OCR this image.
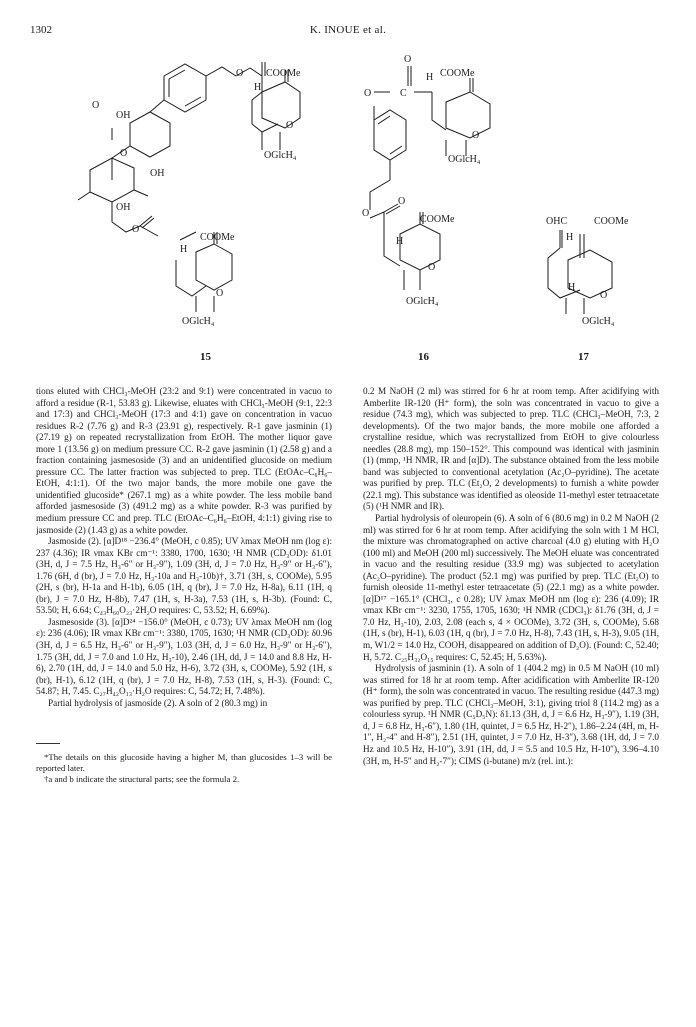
1302	K. INOUE et al.
O COOMe
H
O
OGlcH₄
OH
O
O
OH
OH
O
COOMe
H
O
OGlcH₄
O
O	C
H COOMe
O
OGlcH₄
O
O
H
COOMe
O
OGlcH₄
OHC	COOMe
H
O
H
OGlcH₄
15	16	17

tions eluted with CHCl₃-MeOH (23:2 and 9:1) were concentrated in vacuo to afford a residue (R-1, 53.83 g). Likewise, eluates with CHCl₃-MeOH (9:1, 22:3 and 17:3) and CHCl₃-MeOH (17:3 and 4:1) gave on concentration in vacuo residues R-2 (7.76 g) and R-3 (23.91 g), respectively. R-1 gave jasminin (1) (27.19 g) on repeated recrystallization from EtOH. The mother liquor gave more 1 (13.56 g) on medium pressure CC. R-2 gave jasminin (1) (2.58 g) and a fraction containing jasmesoside (3) and an unidentified glucoside on medium pressure CC. The latter fraction was subjected to prep. TLC (EtOAc–C₆H₆–EtOH, 4:1:1). Of the two major bands, the more mobile one gave the unidentified glucoside* (267.1 mg) as a white powder. The less mobile band afforded jasmesoside (3) (491.2 mg) as a white powder. R-3 was purified by medium pressure CC and prep. TLC (EtOAc–C₆H₆–EtOH, 4:1:1) giving rise to jasmoside (2) (1.43 g) as a white powder.

Jasmoside (2). [α]D¹⁸ −236.4° (MeOH, c 0.85); UV λmax MeOH nm (log ε): 237 (4.36); IR νmax KBr cm⁻¹: 3380, 1700, 1630; ¹H NMR (CD₃OD): δ1.01 (3H, d, J = 7.5 Hz, H₃-6″ or H₃-9″), 1.09 (3H, d, J = 7.0 Hz, H₃-9″ or H₃-6″), 1.76 (6H, d (br), J = 7.0 Hz, H₃-10a and H₃-10b)†, 3.71 (3H, s, COOMe), 5.95 (2H, s (br), H-1a and H-1b), 6.05 (1H, q (br), J = 7.0 Hz, H-8a), 6.11 (1H, q (br), J = 7.0 Hz, H-8b), 7.47 (1H, s, H-3a), 7.53 (1H, s, H-3b). (Found: C, 53.50; H, 6.64; C₄₃H₆₀O₂₃·2H₂O requires: C, 53.52; H, 6.69%).

Jasmesoside (3). [α]D²⁴ −156.0° (MeOH, c 0.73); UV λmax MeOH nm (log ε): 236 (4.06); IR νmax KBr cm⁻¹: 3380, 1705, 1630; ¹H NMR (CD₃OD): δ0.96 (3H, d, J = 6.5 Hz, H₃-6″ or H₃-9″), 1.03 (3H, d, J = 6.0 Hz, H₃-9″ or H₃-6″), 1.75 (3H, dd, J = 7.0 and 1.0 Hz, H₃-10), 2.46 (1H, dd, J = 14.0 and 8.8 Hz, H-6), 2.70 (1H, dd, J = 14.0 and 5.0 Hz, H-6), 3.72 (3H, s, COOMe), 5.92 (1H, s (br), H-1), 6.12 (1H, q (br), J = 7.0 Hz, H-8), 7.53 (1H, s, H-3). (Found: C, 54.87; H, 7.45. C₂₇H₄₂O₁₃·H₂O requires: C, 54.72; H, 7.48%).

Partial hydrolysis of jasmoside (2). A soln of 2 (80.3 mg) in

*The details on this glucoside having a higher M, than glucosides 1–3 will be reported later.

†a and b indicate the structural parts; see the formula 2.

0.2 M NaOH (2 ml) was stirred for 6 hr at room temp. After acidifying with Amberlite IR-120 (H⁺ form), the soln was concentrated in vacuo to give a residue (74.3 mg), which was subjected to prep. TLC (CHCl₃–MeOH, 7:3, 2 developments). Of the two major bands, the more mobile one afforded a crystalline residue, which was recrystallized from EtOH to give colourless needles (28.8 mg), mp 150–152°. This compound was identical with jasminin (1) (mmp, ¹H NMR, IR and [α]D). The substance obtained from the less mobile band was subjected to conventional acetylation (Ac₂O–pyridine). The acetate was purified by prep. TLC (Et₂O, 2 developments) to furnish a white powder (22.1 mg). This substance was identified as oleoside 11-methyl ester tetraacetate (5) (¹H NMR and IR).

Partial hydrolysis of oleuropein (6). A soln of 6 (80.6 mg) in 0.2 M NaOH (2 ml) was stirred for 6 hr at room temp. After acidifying the soln with 1 M HCl, the mixture was chromatographed on active charcoal (4.0 g) eluting with H₂O (100 ml) and MeOH (200 ml) successively. The MeOH eluate was concentrated in vacuo and the resulting residue (33.9 mg) was subjected to acetylation (Ac₂O–pyridine). The product (52.1 mg) was purified by prep. TLC (Et₂O) to furnish oleoside 11-methyl ester tetraacetate (5) (22.1 mg) as a white powder. [α]D¹⁷ −165.1° (CHCl₃, c 0.28); UV λmax MeOH nm (log ε): 236 (4.09); IR νmax KBr cm⁻¹: 3230, 1755, 1705, 1630; ¹H NMR (CDCl₃): δ1.76 (3H, d, J = 7.0 Hz, H₃-10), 2.03, 2.08 (each s, 4 × OCOMe), 3.72 (3H, s, COOMe), 5.68 (1H, s (br), H-1), 6.03 (1H, q (br), J = 7.0 Hz, H-8), 7.43 (1H, s, H-3), 9.05 (1H, m, W1/2 = 14.0 Hz, COOH, disappeared on addition of D₂O). (Found: C, 52.40; H, 5.72. C₂₅H₃₂O₁₅ requires: C, 52.45; H, 5.63%).

Hydrolysis of jasminin (1). A soln of 1 (404.2 mg) in 0.5 M NaOH (10 ml) was stirred for 18 hr at room temp. After acidification with Amberlite IR-120 (H⁺ form), the soln was concentrated in vacuo. The resulting residue (447.3 mg) was purified by prep. TLC (CHCl₃–MeOH, 3:1), giving triol 8 (114.2 mg) as a colourless syrup. ¹H NMR (C₅D₅N): δ1.13 (3H, d, J = 6.6 Hz, H₃-9″), 1.19 (3H, d, J = 6.8 Hz, H₃-6″), 1.80 (1H, quintet, J = 6.5 Hz, H-2″), 1.86–2.24 (4H, m, H-1″, H₂-4″ and H-8″), 2.51 (1H, quintet, J = 7.0 Hz, H-3″), 3.68 (1H, dd, J = 7.0 Hz and 10.5 Hz, H-10″), 3.91 (1H, dd, J = 5.5 and 10.5 Hz, H-10″), 3.96–4.10 (3H, m, H-5″ and H₂-7″); CIMS (i-butane) m/z (rel. int.):
